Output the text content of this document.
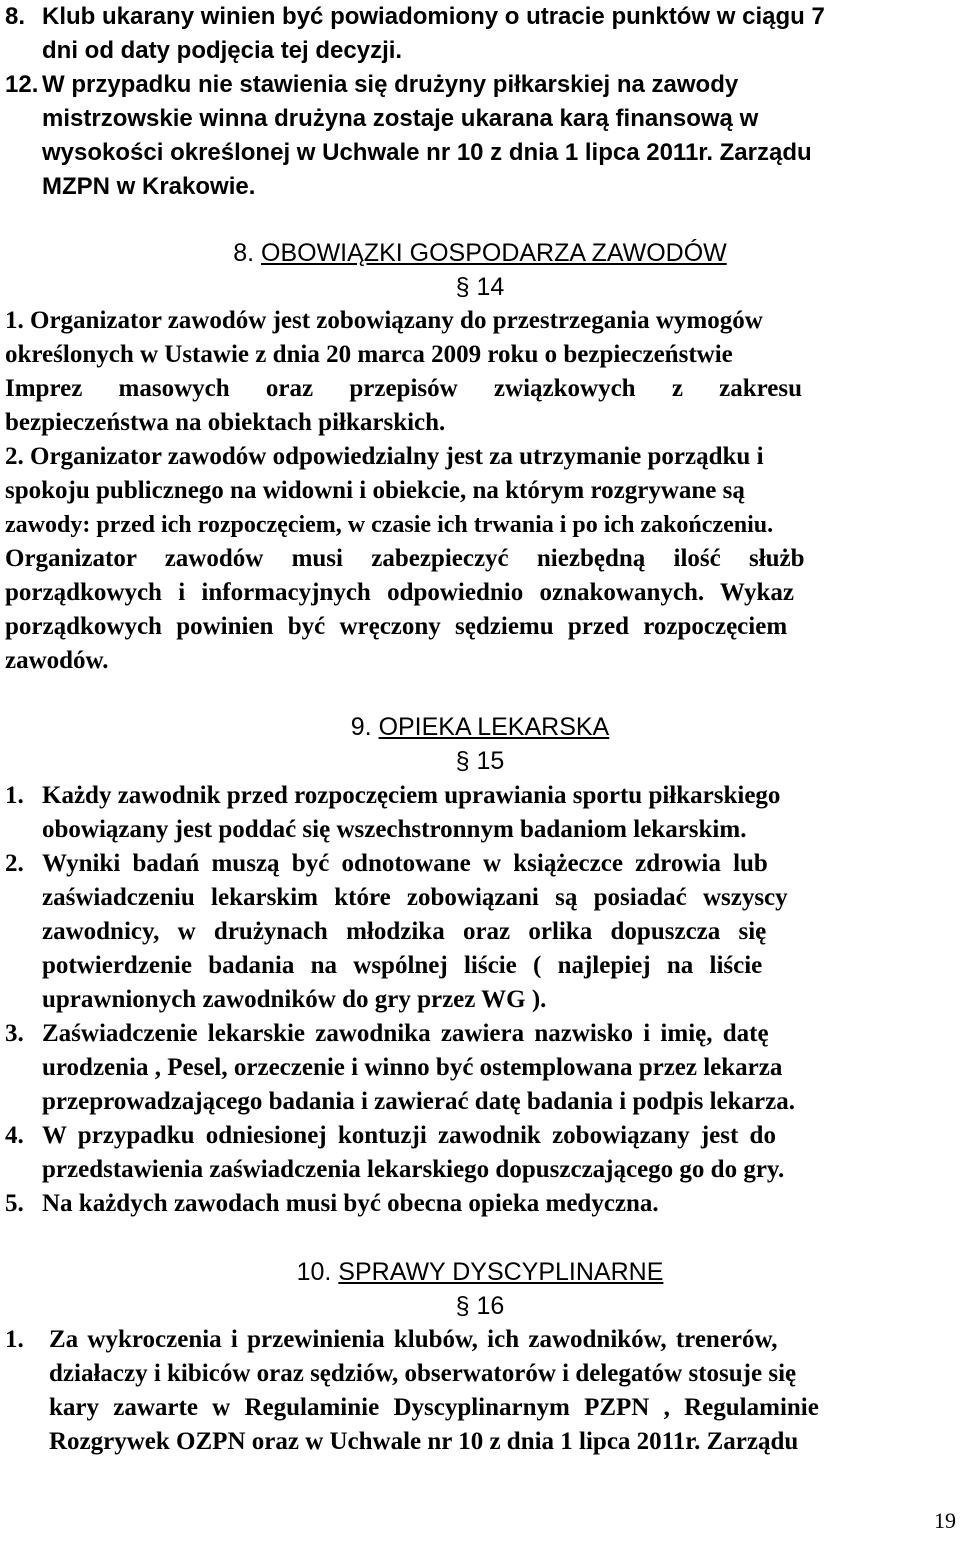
8. Klub ukarany winien być powiadomiony o utracie punktów w ciągu 7
dni od daty podjęcia tej decyzji.
12. W przypadku nie stawienia się drużyny piłkarskiej na zawody
mistrzowskie winna drużyna zostaje ukarana karą finansową w
wysokości określonej w Uchwale nr 10 z dnia 1 lipca 2011r. Zarządu
MZPN w Krakowie.
8. OBOWIĄZKI GOSPODARZA ZAWODÓW
§ 14
1. Organizator zawodów jest zobowiązany do przestrzegania wymogów
określonych w Ustawie z dnia 20 marca 2009 roku o bezpieczeństwie
Imprez masowych oraz przepisów związkowych z zakresu
bezpieczeństwa na obiektach piłkarskich.
2. Organizator zawodów odpowiedzialny jest za utrzymanie porządku i
spokoju publicznego na widowni i obiekcie, na którym rozgrywane są
zawody: przed ich rozpoczęciem, w czasie ich trwania i po ich zakończeniu.
Organizator zawodów musi zabezpieczyć niezbędną ilość służb
porządkowych i informacyjnych odpowiednio oznakowanych. Wykaz
porządkowych powinien być wręczony sędziemu przed rozpoczęciem
zawodów.
9. OPIEKA LEKARSKA
§ 15
1. Każdy zawodnik przed rozpoczęciem uprawiania sportu piłkarskiego
obowiązany jest poddać się wszechstronnym badaniom lekarskim.
2. Wyniki badań muszą być odnotowane w książeczce zdrowia lub
zaświadczeniu lekarskim które zobowiązani są posiadać wszyscy
zawodnicy, w drużynach młodzika oraz orlika dopuszcza się
potwierdzenie badania na wspólnej liście ( najlepiej na liście
uprawnionych zawodników do gry przez WG ).
3. Zaświadczenie lekarskie zawodnika zawiera nazwisko i imię, datę
urodzenia , Pesel, orzeczenie i winno być ostemplowana przez lekarza
przeprowadzającego badania i zawierać datę badania i podpis lekarza.
4. W przypadku odniesionej kontuzji zawodnik zobowiązany jest do
przedstawienia zaświadczenia lekarskiego dopuszczającego go do gry.
5. Na każdych zawodach musi być obecna opieka medyczna.
10. SPRAWY DYSCYPLINARNE
§ 16
1. Za wykroczenia i przewinienia klubów, ich zawodników, trenerów,
działaczy i kibiców oraz sędziów, obserwatorów i delegatów stosuje się
kary zawarte w Regulaminie Dyscyplinarnym PZPN , Regulaminie
Rozgrywek OZPN oraz w Uchwale nr 10 z dnia 1 lipca 2011r. Zarządu
19
